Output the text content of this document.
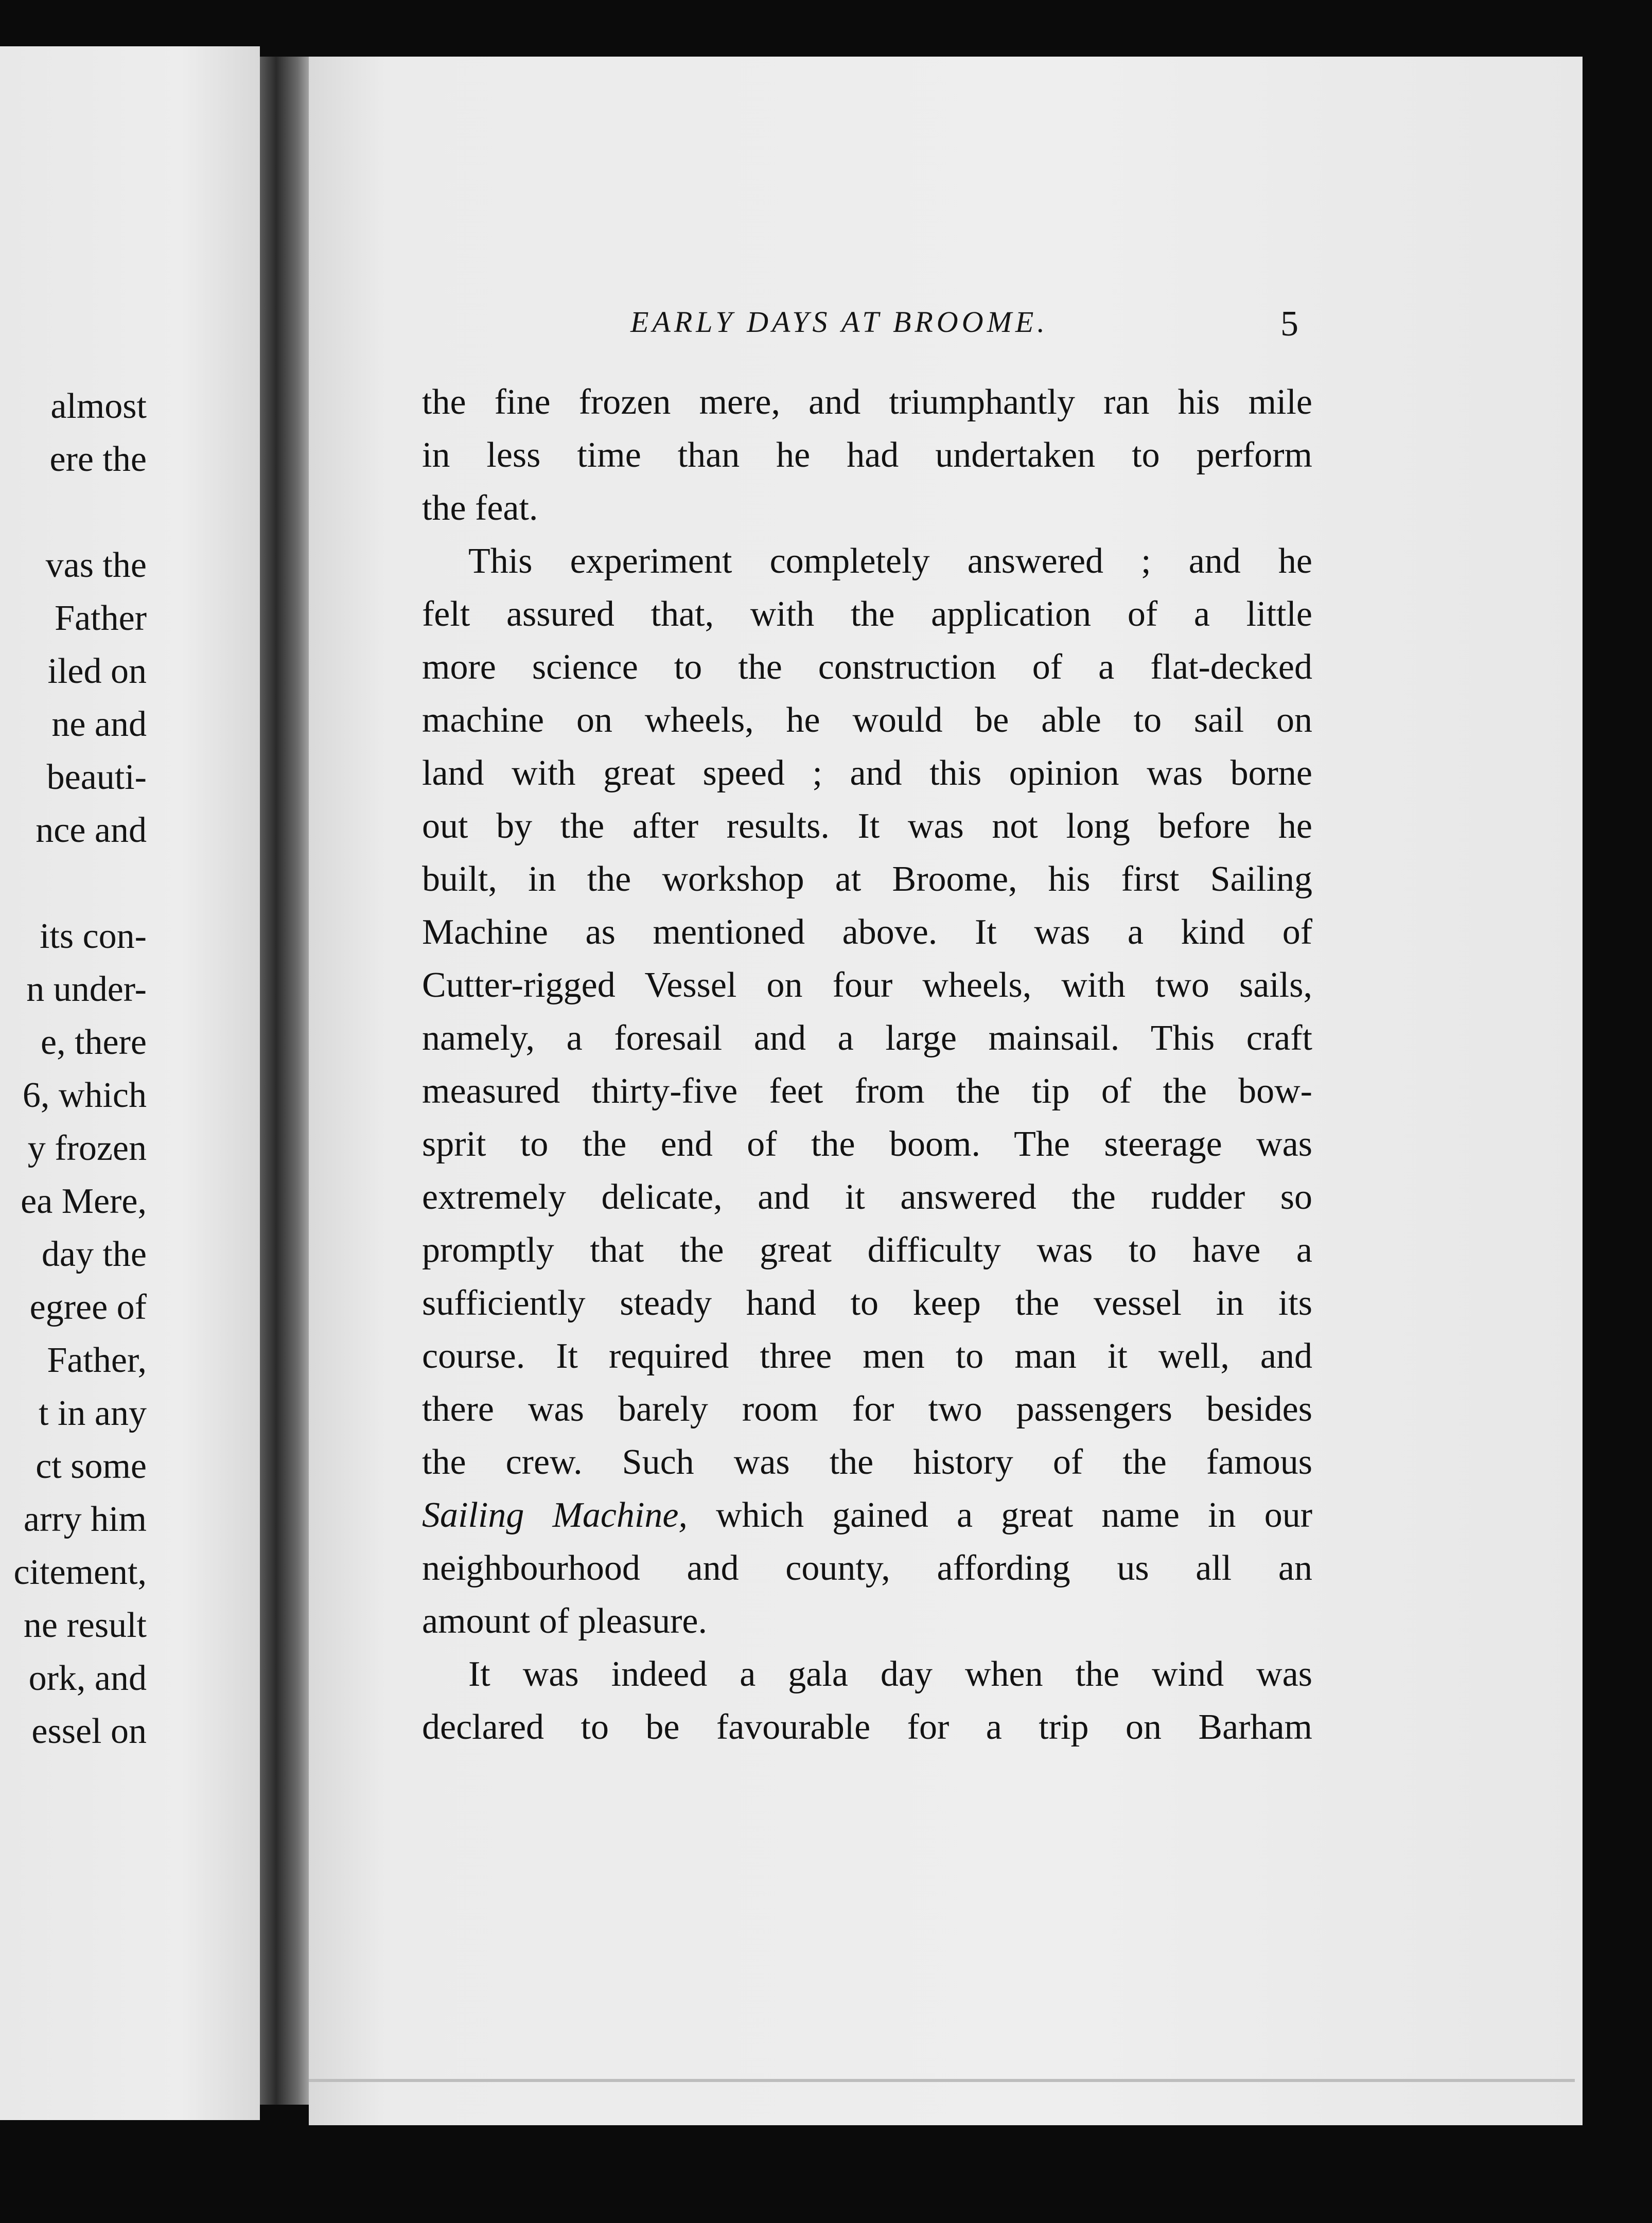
almost
ere the
vas the
Father
iled on
ne and
beauti-
nce and
its con-
n under-
e, there
6, which
y frozen
ea Mere,
day the
egree of
Father,
t in any
ct some
arry him
citement,
ne result
ork, and
essel on
EARLY DAYS AT BROOME.	5
the fine frozen mere, and triumphantly ran his mile
in less time than he had undertaken to perform
the feat.
This experiment completely answered ; and he
felt assured that, with the application of a little
more science to the construction of a flat-decked
machine on wheels, he would be able to sail on
land with great speed ; and this opinion was borne
out by the after results. It was not long before he
built, in the workshop at Broome, his first Sailing
Machine as mentioned above. It was a kind of
Cutter-rigged Vessel on four wheels, with two sails,
namely, a foresail and a large mainsail. This craft
measured thirty-five feet from the tip of the bow-
sprit to the end of the boom. The steerage was
extremely delicate, and it answered the rudder so
promptly that the great difficulty was to have a
sufficiently steady hand to keep the vessel in its
course. It required three men to man it well, and
there was barely room for two passengers besides
the crew. Such was the history of the famous
Sailing Machine, which gained a great name in our
neighbourhood and county, affording us all an
amount of pleasure.
It was indeed a gala day when the wind was
declared to be favourable for a trip on Barham
